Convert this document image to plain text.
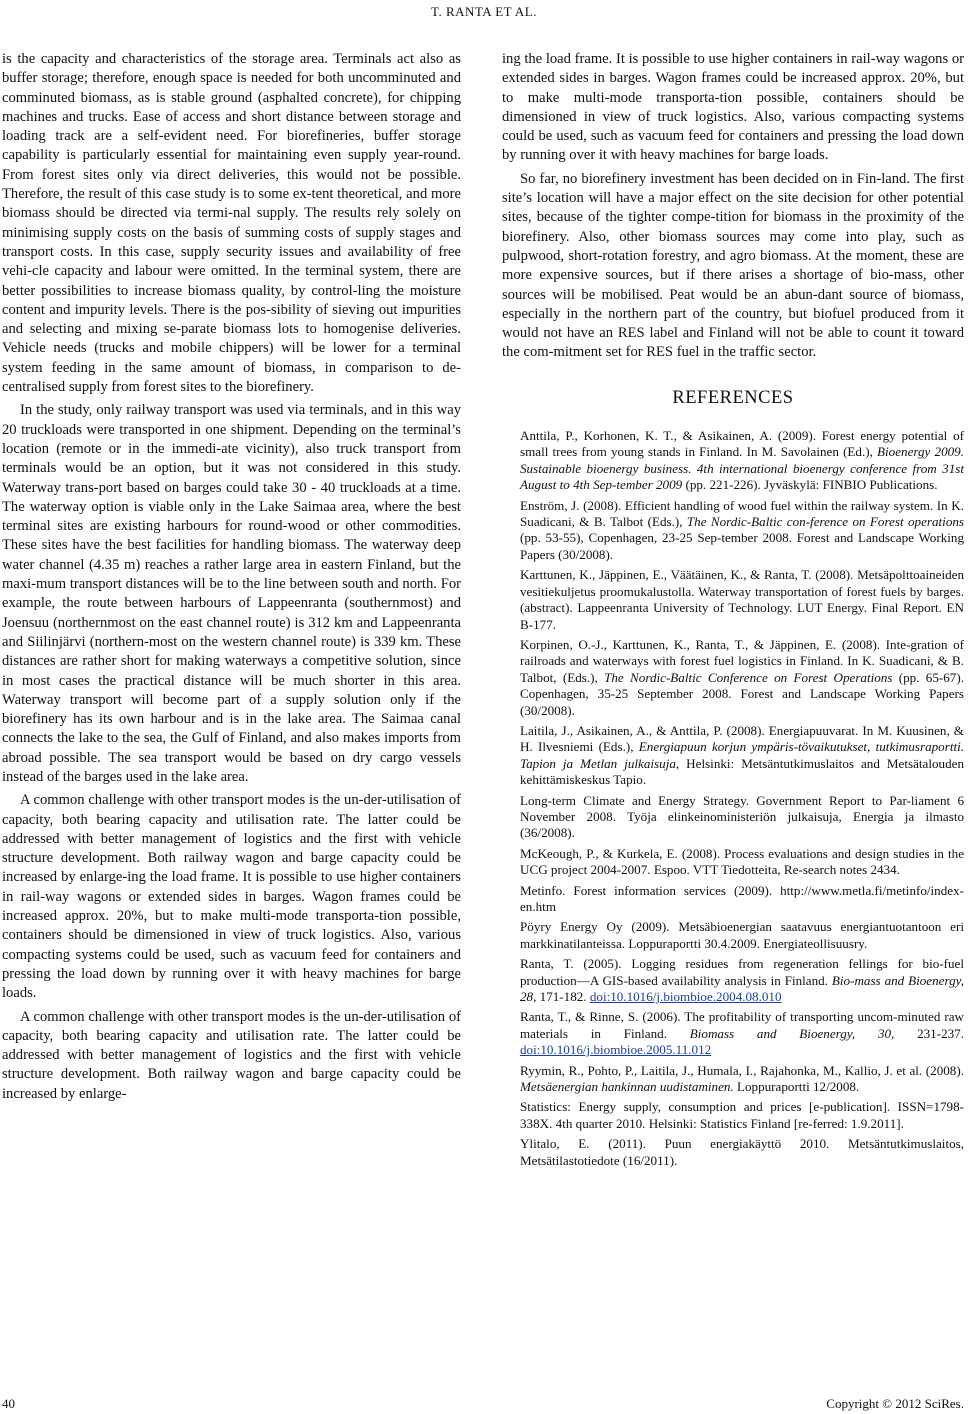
T. RANTA ET AL.

is the capacity and characteristics of the storage area. Terminals act also as buffer storage; therefore, enough space is needed for both uncomminuted and comminuted biomass, as is stable ground (asphalted concrete), for chipping machines and trucks. Ease of access and short distance between storage and loading track are a self-evident need. For biorefineries, buffer storage capability is particularly essential for maintaining even supply year-round. From forest sites only via direct deliveries, this would not be possible. Therefore, the result of this case study is to some ex-tent theoretical, and more biomass should be directed via termi-nal supply. The results rely solely on minimising supply costs on the basis of summing costs of supply stages and transport costs. In this case, supply security issues and availability of free vehi-cle capacity and labour were omitted. In the terminal system, there are better possibilities to increase biomass quality, by control-ling the moisture content and impurity levels. There is the pos-sibility of sieving out impurities and selecting and mixing se-parate biomass lots to homogenise deliveries. Vehicle needs (trucks and mobile chippers) will be lower for a terminal system feeding in the same amount of biomass, in comparison to de-centralised supply from forest sites to the biorefinery.

In the study, only railway transport was used via terminals, and in this way 20 truckloads were transported in one shipment. Depending on the terminal’s location (remote or in the immedi-ate vicinity), also truck transport from terminals would be an option, but it was not considered in this study. Waterway trans-port based on barges could take 30 - 40 truckloads at a time. The waterway option is viable only in the Lake Saimaa area, where the best terminal sites are existing harbours for round-wood or other commodities. These sites have the best facilities for handling biomass. The waterway deep water channel (4.35 m) reaches a rather large area in eastern Finland, but the maxi-mum transport distances will be to the line between south and north. For example, the route between harbours of Lappeenranta (southernmost) and Joensuu (northernmost on the east channel route) is 312 km and Lappeenranta and Siilinjärvi (northern-most on the western channel route) is 339 km. These distances are rather short for making waterways a competitive solution, since in most cases the practical distance will be much shorter in this area. Waterway transport will become part of a supply solution only if the biorefinery has its own harbour and is in the lake area. The Saimaa canal connects the lake to the sea, the Gulf of Finland, and also makes imports from abroad possible. The sea transport would be based on dry cargo vessels instead of the barges used in the lake area.

A common challenge with other transport modes is the un-der-utilisation of capacity, both bearing capacity and utilisation rate. The latter could be addressed with better management of logistics and the first with vehicle structure development. Both railway wagon and barge capacity could be increased by enlarge-ing the load frame. It is possible to use higher containers in rail-way wagons or extended sides in barges. Wagon frames could be increased approx. 20%, but to make multi-mode transporta-tion possible, containers should be dimensioned in view of truck logistics. Also, various compacting systems could be used, such as vacuum feed for containers and pressing the load down by running over it with heavy machines for barge loads.

A common challenge with other transport modes is the un-der-utilisation of capacity, both bearing capacity and utilisation rate. The latter could be addressed with better management of logistics and the first with vehicle structure development. Both railway wagon and barge capacity could be increased by enlarge-

ing the load frame. It is possible to use higher containers in rail-way wagons or extended sides in barges. Wagon frames could be increased approx. 20%, but to make multi-mode transporta-tion possible, containers should be dimensioned in view of truck logistics. Also, various compacting systems could be used, such as vacuum feed for containers and pressing the load down by running over it with heavy machines for barge loads.

So far, no biorefinery investment has been decided on in Fin-land. The first site’s location will have a major effect on the site decision for other potential sites, because of the tighter compe-tition for biomass in the proximity of the biorefinery. Also, other biomass sources may come into play, such as pulpwood, short-rotation forestry, and agro biomass. At the moment, these are more expensive sources, but if there arises a shortage of bio-mass, other sources will be mobilised. Peat would be an abun-dant source of biomass, especially in the northern part of the country, but biofuel produced from it would not have an RES label and Finland will not be able to count it toward the com-mitment set for RES fuel in the traffic sector.

REFERENCES

Anttila, P., Korhonen, K. T., & Asikainen, A. (2009). Forest energy potential of small trees from young stands in Finland. In M. Savolainen (Ed.), Bioenergy 2009. Sustainable bioenergy business. 4th international bioenergy conference from 31st August to 4th Sep-tember 2009 (pp. 221-226). Jyväskylä: FINBIO Publications.

Enström, J. (2008). Efficient handling of wood fuel within the railway system. In K. Suadicani, & B. Talbot (Eds.), The Nordic-Baltic con-ference on Forest operations (pp. 53-55), Copenhagen, 23-25 Sep-tember 2008. Forest and Landscape Working Papers (30/2008).

Karttunen, K., Jäppinen, E., Väätäinen, K., & Ranta, T. (2008). Metsäpolttoaineiden vesitiekuljetus proomukalustolla. Waterway transportation of forest fuels by barges. (abstract). Lappeenranta University of Technology. LUT Energy. Final Report. EN B-177.

Korpinen, O.-J., Karttunen, K., Ranta, T., & Jäppinen, E. (2008). Inte-gration of railroads and waterways with forest fuel logistics in Finland. In K. Suadicani, & B. Talbot, (Eds.), The Nordic-Baltic Conference on Forest Operations (pp. 65-67). Copenhagen, 35-25 September 2008. Forest and Landscape Working Papers (30/2008).

Laitila, J., Asikainen, A., & Anttila, P. (2008). Energiapuuvarat. In M. Kuusinen, & H. Ilvesniemi (Eds.), Energiapuun korjun ympäris-tövaikutukset, tutkimusraportti. Tapion ja Metlan julkaisuja, Helsinki: Metsäntutkimuslaitos and Metsätalouden kehittämiskeskus Tapio.

Long-term Climate and Energy Strategy. Government Report to Par-liament 6 November 2008. Työja elinkeinoministeriön julkaisuja, Energia ja ilmasto (36/2008).

McKeough, P., & Kurkela, E. (2008). Process evaluations and design studies in the UCG project 2004-2007. Espoo. VTT Tiedotteita, Re-search notes 2434.

Metinfo. Forest information services (2009). http://www.metla.fi/metinfo/index-en.htm

Pöyry Energy Oy (2009). Metsäbioenergian saatavuus energiantuotantoon eri markkinatilanteissa. Loppuraportti 30.4.2009. Energiateollisuusry.

Ranta, T. (2005). Logging residues from regeneration fellings for bio-fuel production—A GIS-based availability analysis in Finland. Bio-mass and Bioenergy, 28, 171-182. doi:10.1016/j.biombioe.2004.08.010

Ranta, T., & Rinne, S. (2006). The profitability of transporting uncom-minuted raw materials in Finland. Biomass and Bioenergy, 30, 231-237. doi:10.1016/j.biombioe.2005.11.012

Ryymin, R., Pohto, P., Laitila, J., Humala, I., Rajahonka, M., Kallio, J. et al. (2008). Metsäenergian hankinnan uudistaminen. Loppuraportti 12/2008.

Statistics: Energy supply, consumption and prices [e-publication]. ISSN=1798-338X. 4th quarter 2010. Helsinki: Statistics Finland [re-ferred: 1.9.2011].

Ylitalo, E. (2011). Puun energiakäyttö 2010. Metsäntutkimuslaitos, Metsätilastotiedote (16/2011).

40	Copyright © 2012 SciRes.
